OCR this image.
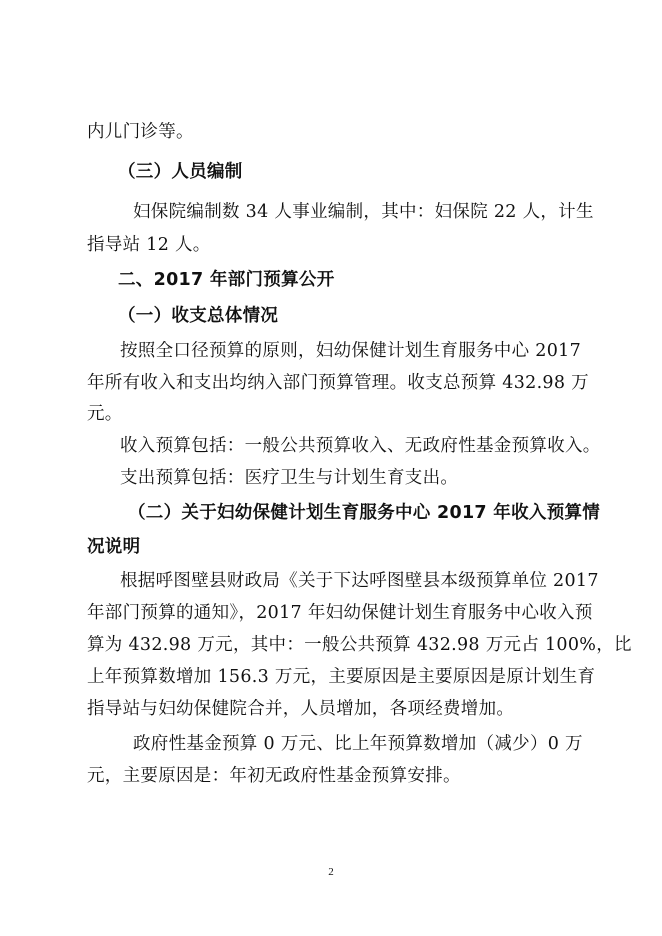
内儿门诊等。
（三）人员编制
妇保院编制数 34 人事业编制，其中：妇保院 22 人，计生
指导站 12 人。
二、2017 年部门预算公开
（一）收支总体情况
按照全口径预算的原则，妇幼保健计划生育服务中心 2017
年所有收入和支出均纳入部门预算管理。收支总预算 432.98 万
元。
收入预算包括：一般公共预算收入、无政府性基金预算收入。
支出预算包括：医疗卫生与计划生育支出。
（二）关于妇幼保健计划生育服务中心 2017 年收入预算情
况说明
根据呼图壁县财政局《关于下达呼图壁县本级预算单位 2017
年部门预算的通知》，2017 年妇幼保健计划生育服务中心收入预
算为 432.98 万元，其中：一般公共预算 432.98 万元占 100%，比
上年预算数增加 156.3 万元，主要原因是主要原因是原计划生育
指导站与妇幼保健院合并，人员增加，各项经费增加。
政府性基金预算 0 万元、比上年预算数增加（减少）0 万
元，主要原因是：年初无政府性基金预算安排。
2
